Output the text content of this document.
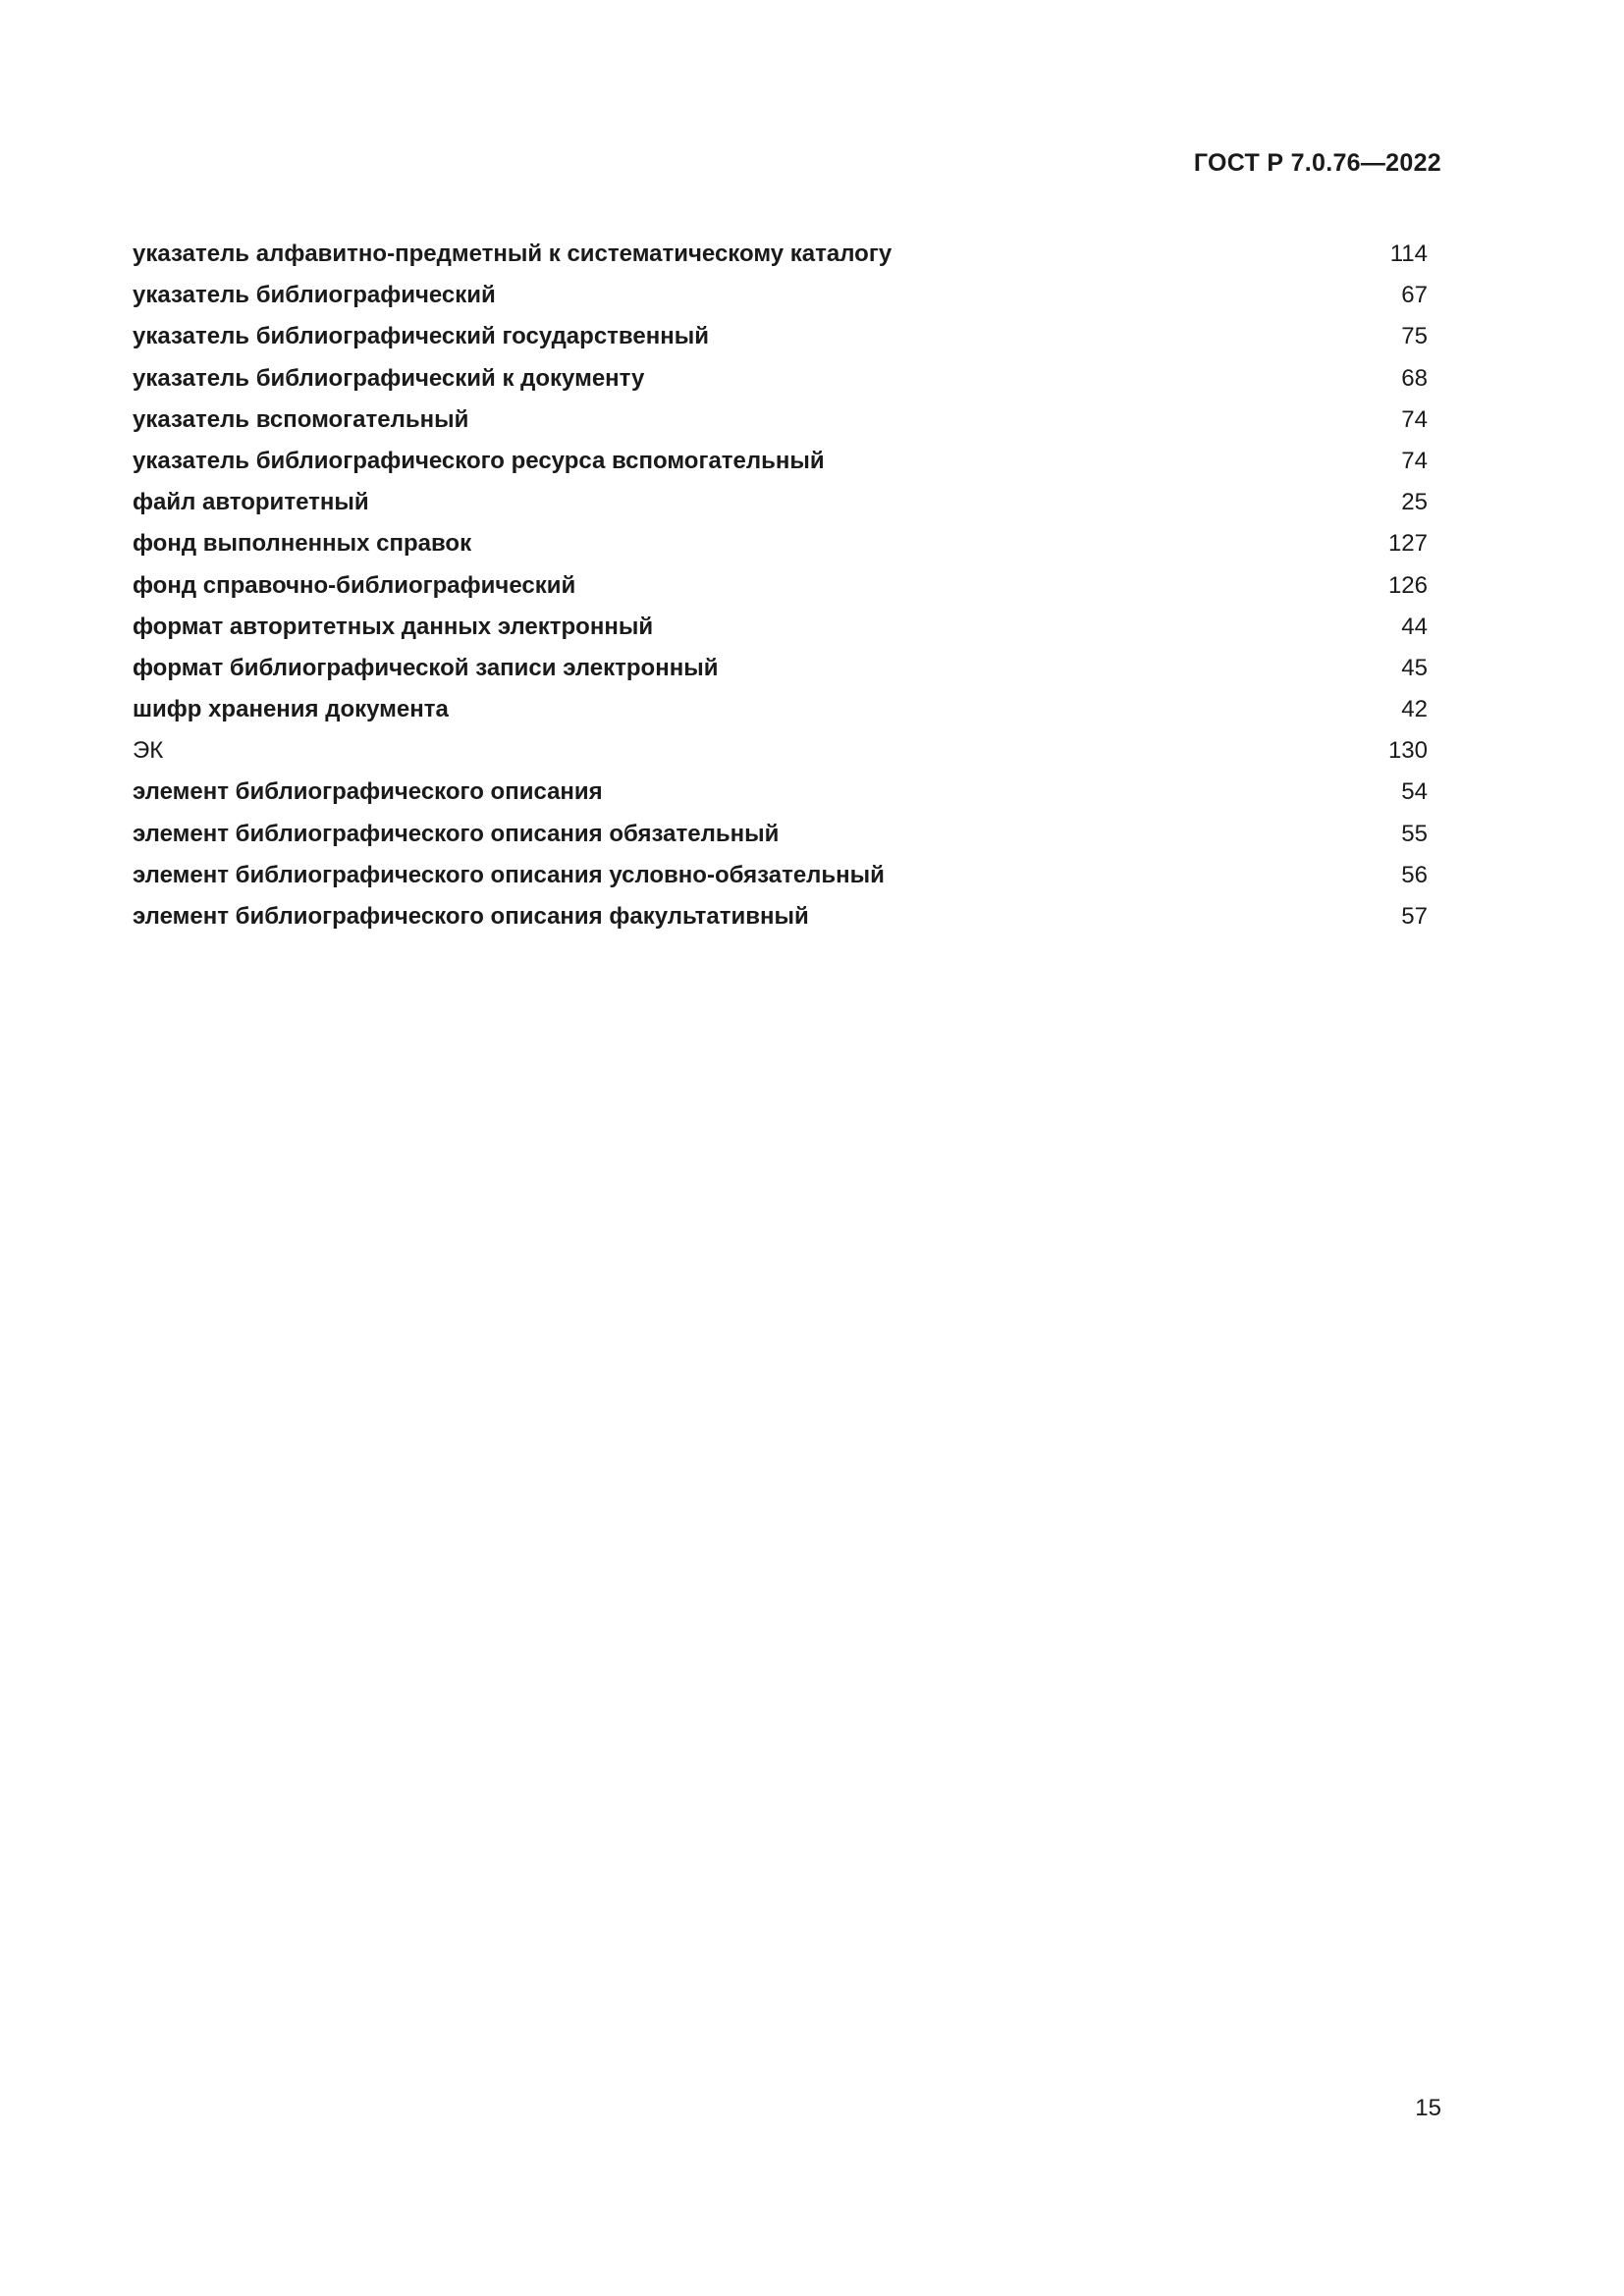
ГОСТ Р 7.0.76—2022
указатель алфавитно-предметный к систематическому каталогу	114
указатель библиографический	67
указатель библиографический государственный	75
указатель библиографический к документу	68
указатель вспомогательный	74
указатель библиографического ресурса вспомогательный	74
файл авторитетный	25
фонд выполненных справок	127
фонд справочно-библиографический	126
формат авторитетных данных электронный	44
формат библиографической записи электронный	45
шифр хранения документа	42
ЭК	130
элемент библиографического описания	54
элемент библиографического описания обязательный	55
элемент библиографического описания условно-обязательный	56
элемент библиографического описания факультативный	57
15
